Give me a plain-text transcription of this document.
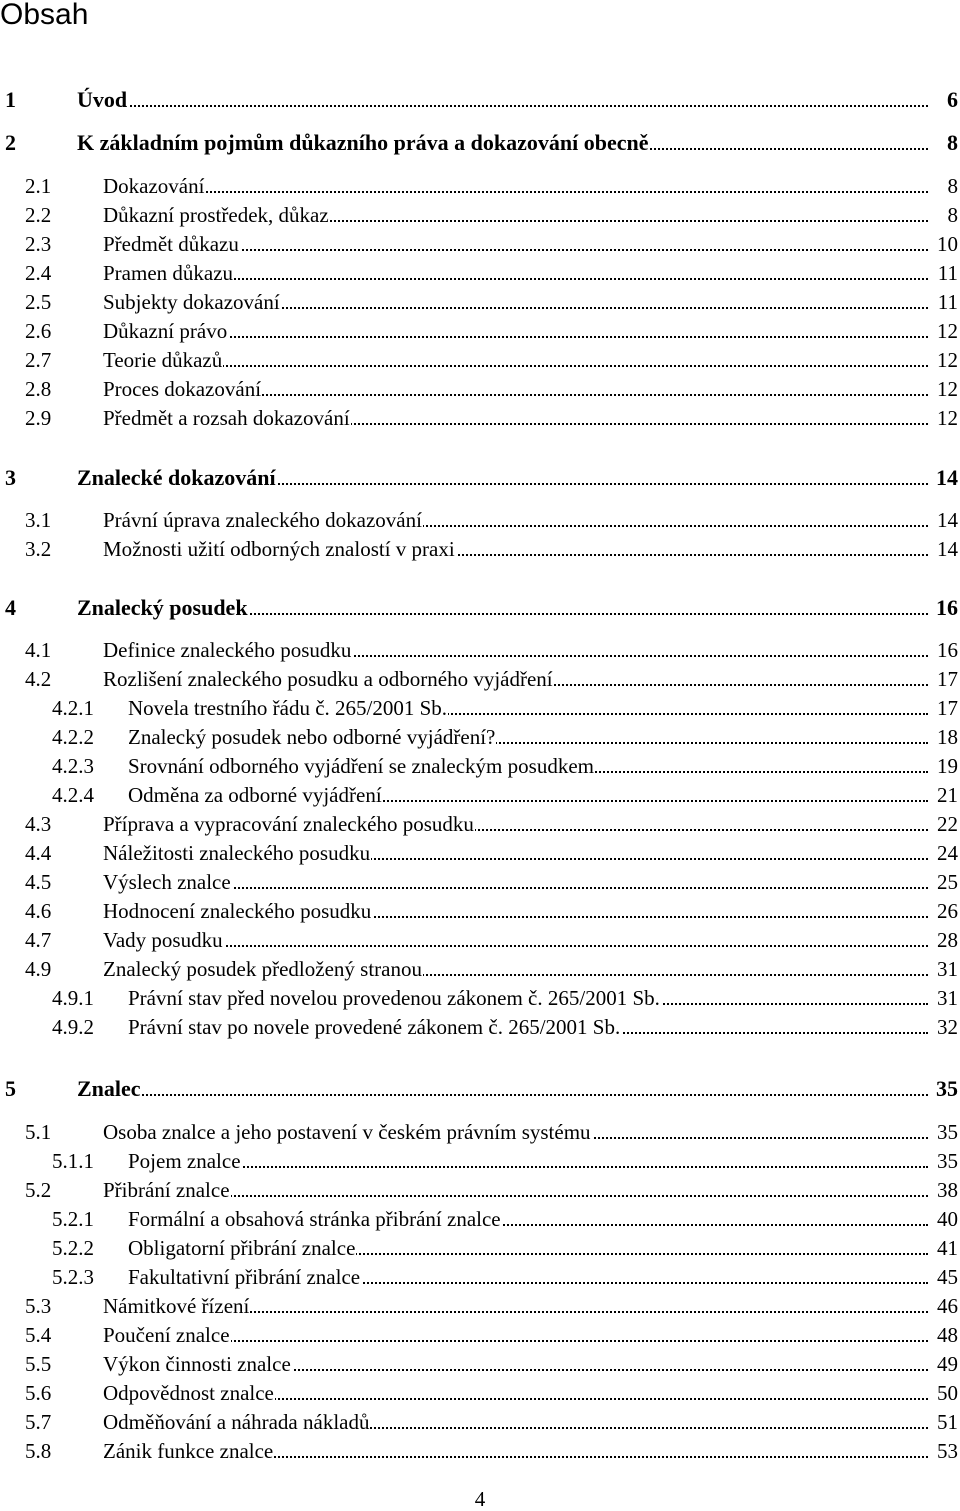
Obsah
1	Úvod	6
2	K základním pojmům důkazního práva a dokazování obecně	8
2.1 Dokazování	8
2.2 Důkazní prostředek, důkaz	8
2.3 Předmět důkazu	10
2.4 Pramen důkazu	11
2.5 Subjekty dokazování	11
2.6 Důkazní právo	12
2.7 Teorie důkazů	12
2.8 Proces dokazování	12
2.9 Předmět a rozsah dokazování	12
3	Znalecké dokazování	14
3.1 Právní úprava znaleckého dokazování	14
3.2 Možnosti užití odborných znalostí v praxi	14
4	Znalecký posudek	16
4.1 Definice znaleckého posudku	16
4.2 Rozlišení znaleckého posudku a odborného vyjádření	17
4.2.1 Novela trestního řádu č. 265/2001 Sb.	17
4.2.2 Znalecký posudek nebo odborné vyjádření?	18
4.2.3 Srovnání odborného vyjádření se znaleckým posudkem	19
4.2.4 Odměna za odborné vyjádření	21
4.3 Příprava a vypracování znaleckého posudku	22
4.4 Náležitosti znaleckého posudku	24
4.5 Výslech znalce	25
4.6 Hodnocení znaleckého posudku	26
4.7 Vady posudku	28
4.9 Znalecký posudek předložený stranou	31
4.9.1 Právní stav před novelou provedenou zákonem č. 265/2001 Sb.	31
4.9.2 Právní stav po novele provedené zákonem č. 265/2001 Sb.	32
5	Znalec	35
5.1 Osoba znalce a jeho postavení v českém právním systému	35
5.1.1 Pojem znalce	35
5.2 Přibrání znalce	38
5.2.1 Formální a obsahová stránka přibrání znalce	40
5.2.2 Obligatorní přibrání znalce	41
5.2.3 Fakultativní přibrání znalce	45
5.3 Námitkové řízení	46
5.4 Poučení znalce	48
5.5 Výkon činnosti znalce	49
5.6 Odpovědnost znalce	50
5.7 Odměňování a náhrada nákladů	51
5.8 Zánik funkce znalce	53
4
